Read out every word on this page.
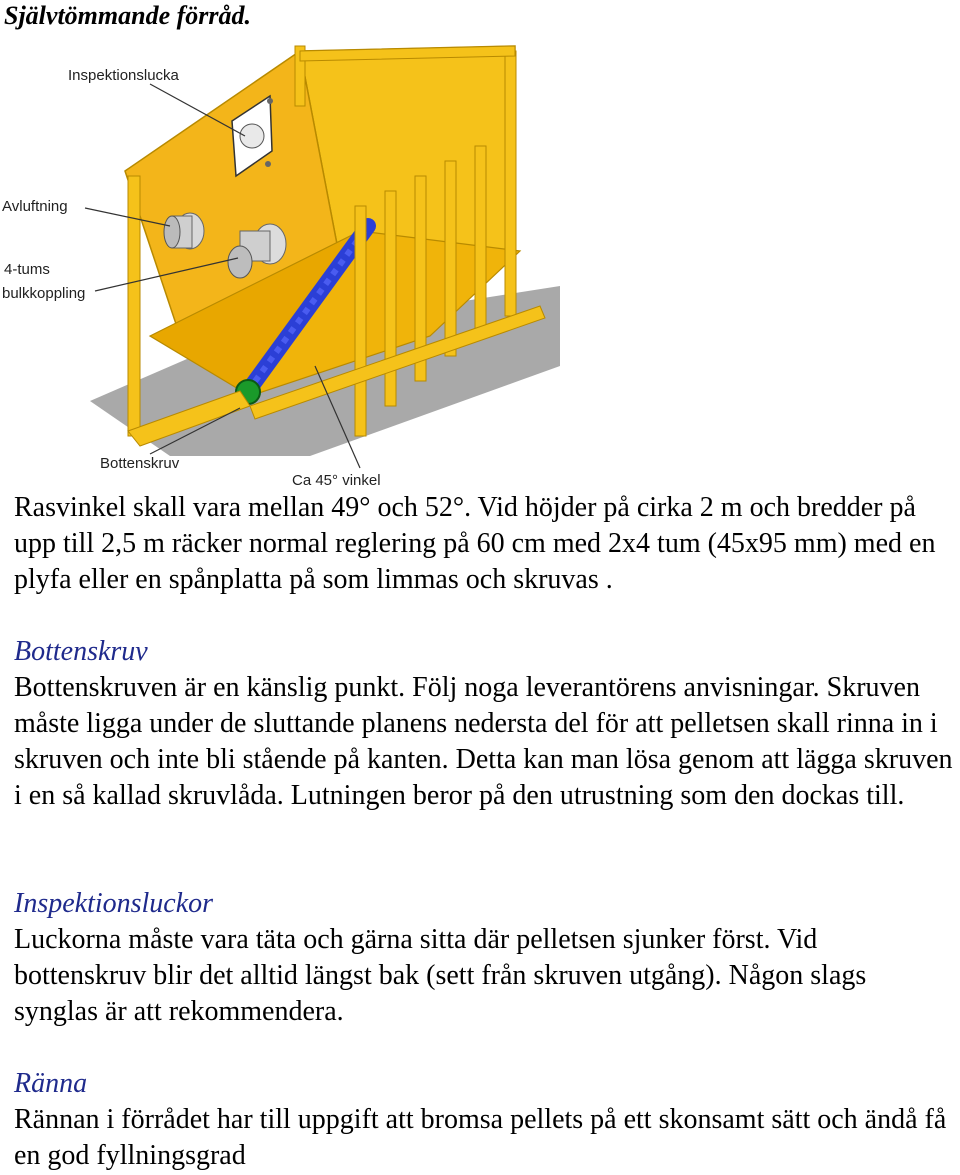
Självtömmande förråd.
Inspektionslucka
Avluftning
4-tums
bulkkoppling
Bottenskruv
Ca 45° vinkel

Rasvinkel skall vara mellan 49° och 52°. Vid höjder på cirka 2 m och bredder på upp till 2,5 m räcker normal reglering på 60 cm med 2x4 tum (45x95 mm) med en plyfa eller en spånplatta på som limmas och skruvas .

Bottenskruv

Bottenskruven är en känslig punkt. Följ noga leverantörens anvisningar. Skruven måste ligga under de sluttande planens nedersta del för att pelletsen skall rinna in i skruven och inte bli stående på kanten. Detta kan man lösa genom att lägga skruven i en så kallad skruvlåda. Lutningen beror på den utrustning som den dockas till.

Inspektionsluckor

Luckorna måste vara täta och gärna sitta där pelletsen sjunker först. Vid bottenskruv blir det alltid längst bak (sett från skruven utgång). Någon slags synglas är att rekommendera.

Ränna

Rännan i förrådet har till uppgift att bromsa pellets på ett skonsamt sätt och ändå få en god fyllningsgrad
